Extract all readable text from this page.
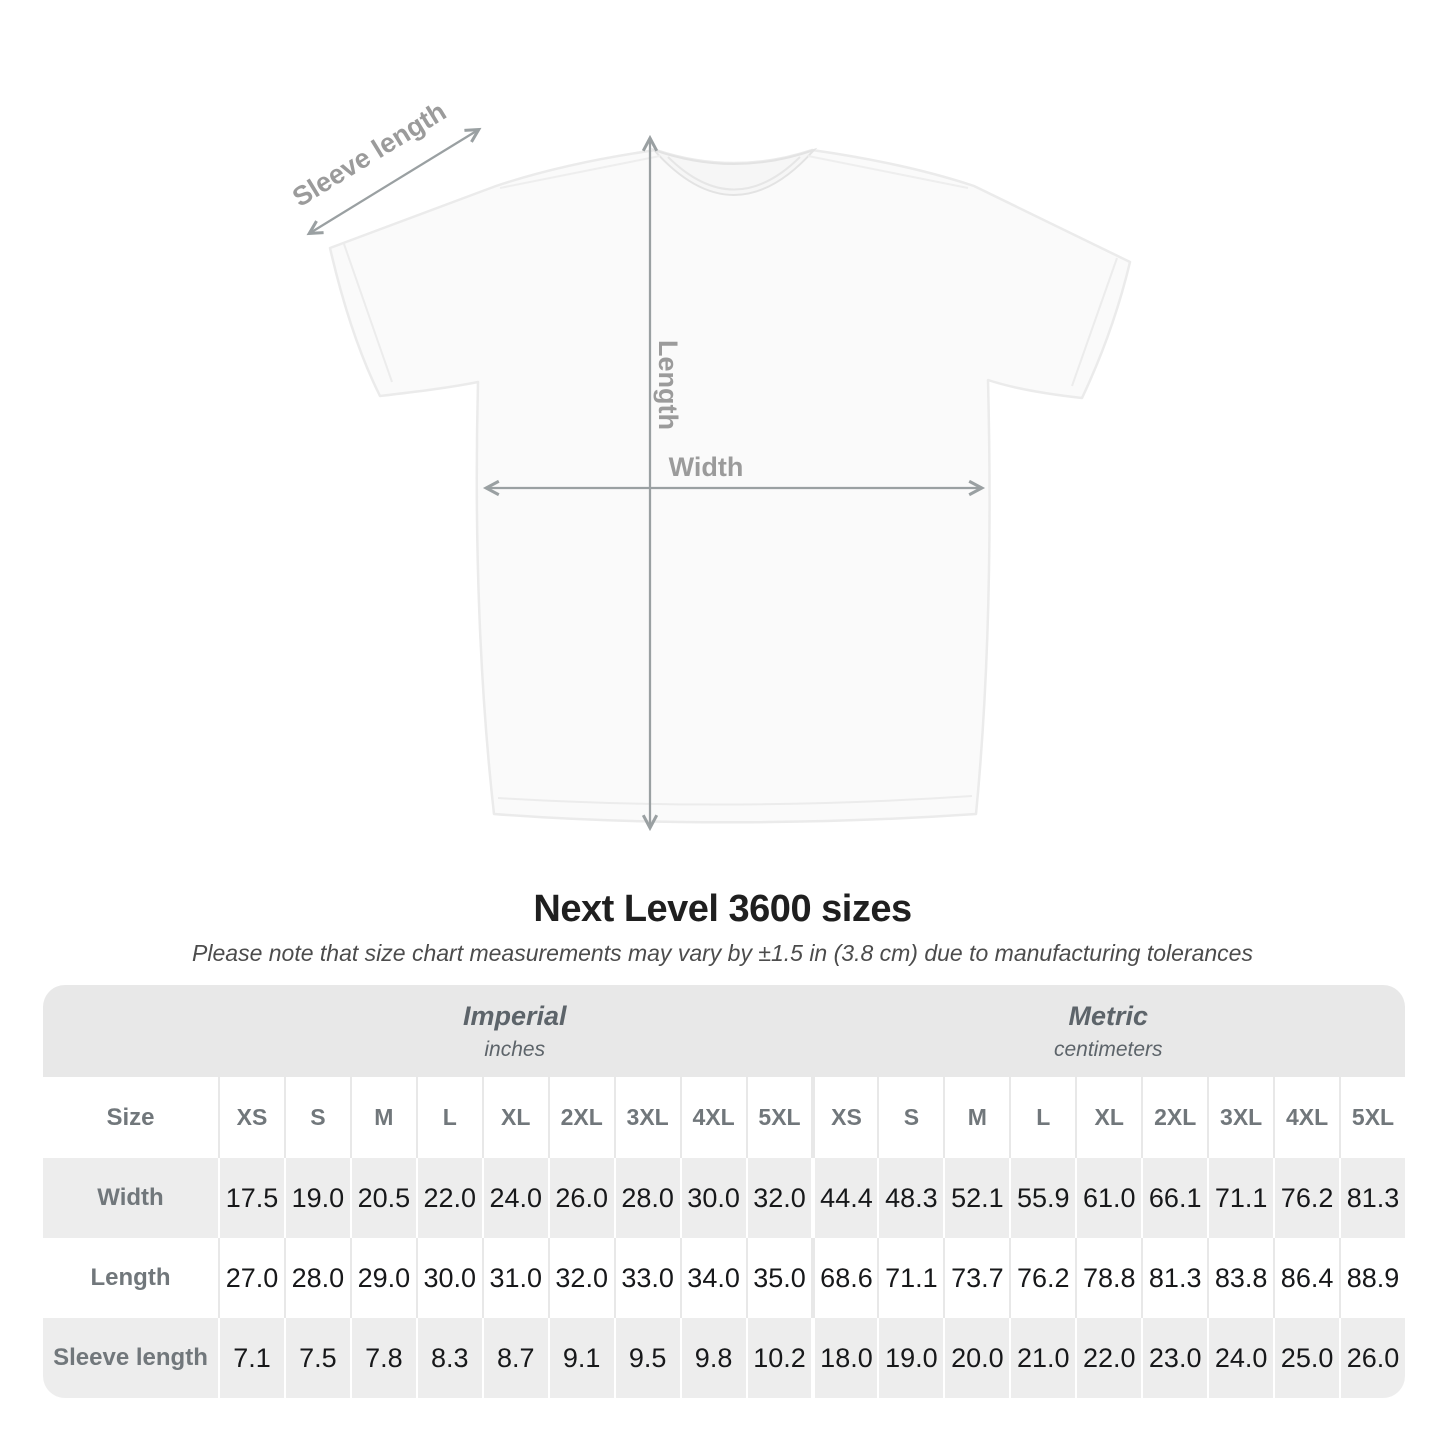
Sleeve length
Length
Width
Next Level 3600 sizes
Please note that size chart measurements may vary by ±1.5 in (3.8 cm) due to manufacturing tolerances
Imperial
inches
Metric
centimeters
Size	XS	S	M	L	XL	2XL	3XL	4XL	5XL	XS	S	M	L	XL	2XL	3XL	4XL	5XL
Width	17.5 19.0 20.5 22.0 24.0 26.0 28.0 30.0 32.0 44.4 48.3 52.1 55.9 61.0 66.1 71.1 76.2 81.3
Length	27.0 28.0 29.0 30.0 31.0 32.0 33.0 34.0 35.0 68.6 71.1 73.7 76.2 78.8 81.3 83.8 86.4 88.9
Sleeve length 7.1	7.5	7.8	8.3	8.7	9.1	9.5	9.8 10.2 18.0 19.0 20.0 21.0 22.0 23.0 24.0 25.0 26.0
